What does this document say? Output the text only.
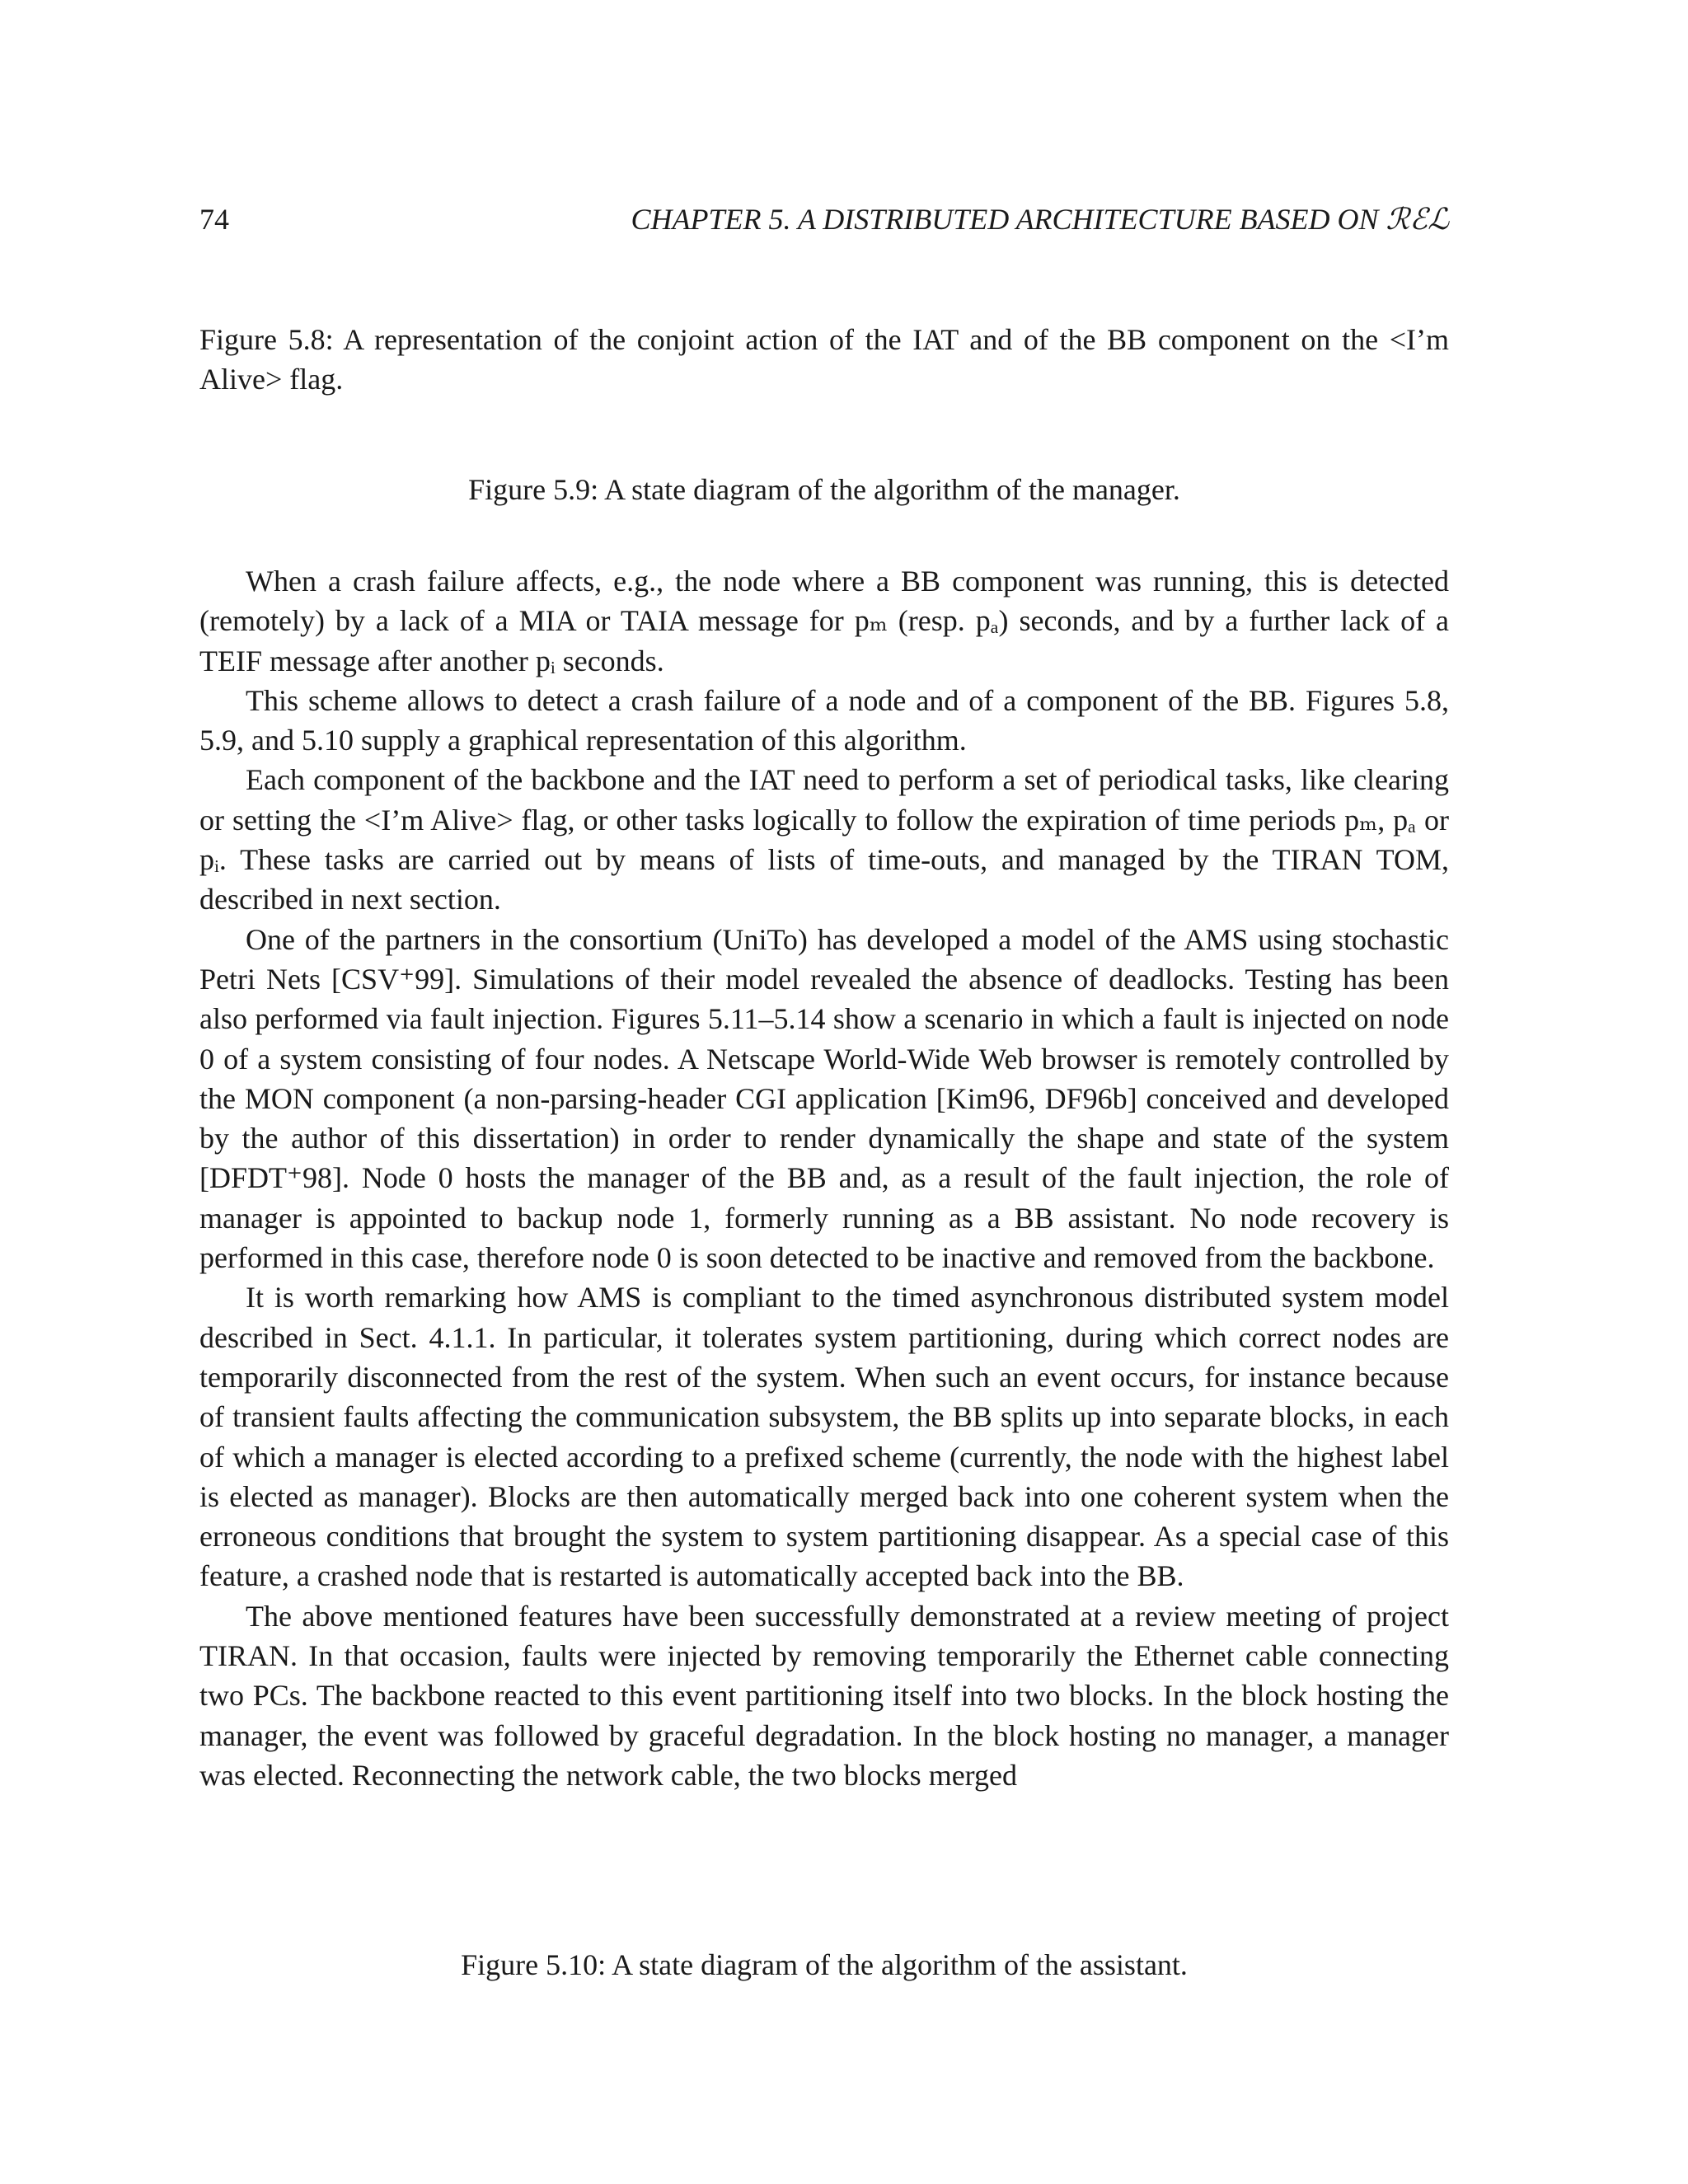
74	CHAPTER 5. A DISTRIBUTED ARCHITECTURE BASED ON ℛℰℒ
Figure 5.8: A representation of the conjoint action of the IAT and of the BB component on the <I’m Alive> flag.
Figure 5.9: A state diagram of the algorithm of the manager.

When a crash failure affects, e.g., the node where a BB component was running, this is detected (remotely) by a lack of a MIA or TAIA message for pₘ (resp. pₐ) seconds, and by a further lack of a TEIF message after another pᵢ seconds.

This scheme allows to detect a crash failure of a node and of a component of the BB. Figures 5.8, 5.9, and 5.10 supply a graphical representation of this algorithm.

Each component of the backbone and the IAT need to perform a set of periodical tasks, like clearing or setting the <I’m Alive> flag, or other tasks logically to follow the expiration of time periods pₘ, pₐ or pᵢ. These tasks are carried out by means of lists of time-outs, and managed by the TIRAN TOM, described in next section.

One of the partners in the consortium (UniTo) has developed a model of the AMS using stochastic Petri Nets [CSV⁺99]. Simulations of their model revealed the absence of deadlocks. Testing has been also performed via fault injection. Figures 5.11–5.14 show a scenario in which a fault is injected on node 0 of a system consisting of four nodes. A Netscape World-Wide Web browser is remotely controlled by the MON component (a non-parsing-header CGI application [Kim96, DF96b] conceived and developed by the author of this dissertation) in order to render dynamically the shape and state of the system [DFDT⁺98]. Node 0 hosts the manager of the BB and, as a result of the fault injection, the role of manager is appointed to backup node 1, formerly running as a BB assistant. No node recovery is performed in this case, therefore node 0 is soon detected to be inactive and removed from the backbone.

It is worth remarking how AMS is compliant to the timed asynchronous distributed system model described in Sect. 4.1.1. In particular, it tolerates system partitioning, during which correct nodes are temporarily disconnected from the rest of the system. When such an event occurs, for instance because of transient faults affecting the communication subsystem, the BB splits up into separate blocks, in each of which a manager is elected according to a prefixed scheme (currently, the node with the highest label is elected as manager). Blocks are then automatically merged back into one coherent system when the erroneous conditions that brought the system to system partitioning disappear. As a special case of this feature, a crashed node that is restarted is automatically accepted back into the BB.

The above mentioned features have been successfully demonstrated at a review meeting of project TIRAN. In that occasion, faults were injected by removing temporarily the Ethernet cable connecting two PCs. The backbone reacted to this event partitioning itself into two blocks. In the block hosting the manager, the event was followed by graceful degradation. In the block hosting no manager, a manager was elected. Reconnecting the network cable, the two blocks merged

Figure 5.10: A state diagram of the algorithm of the assistant.
